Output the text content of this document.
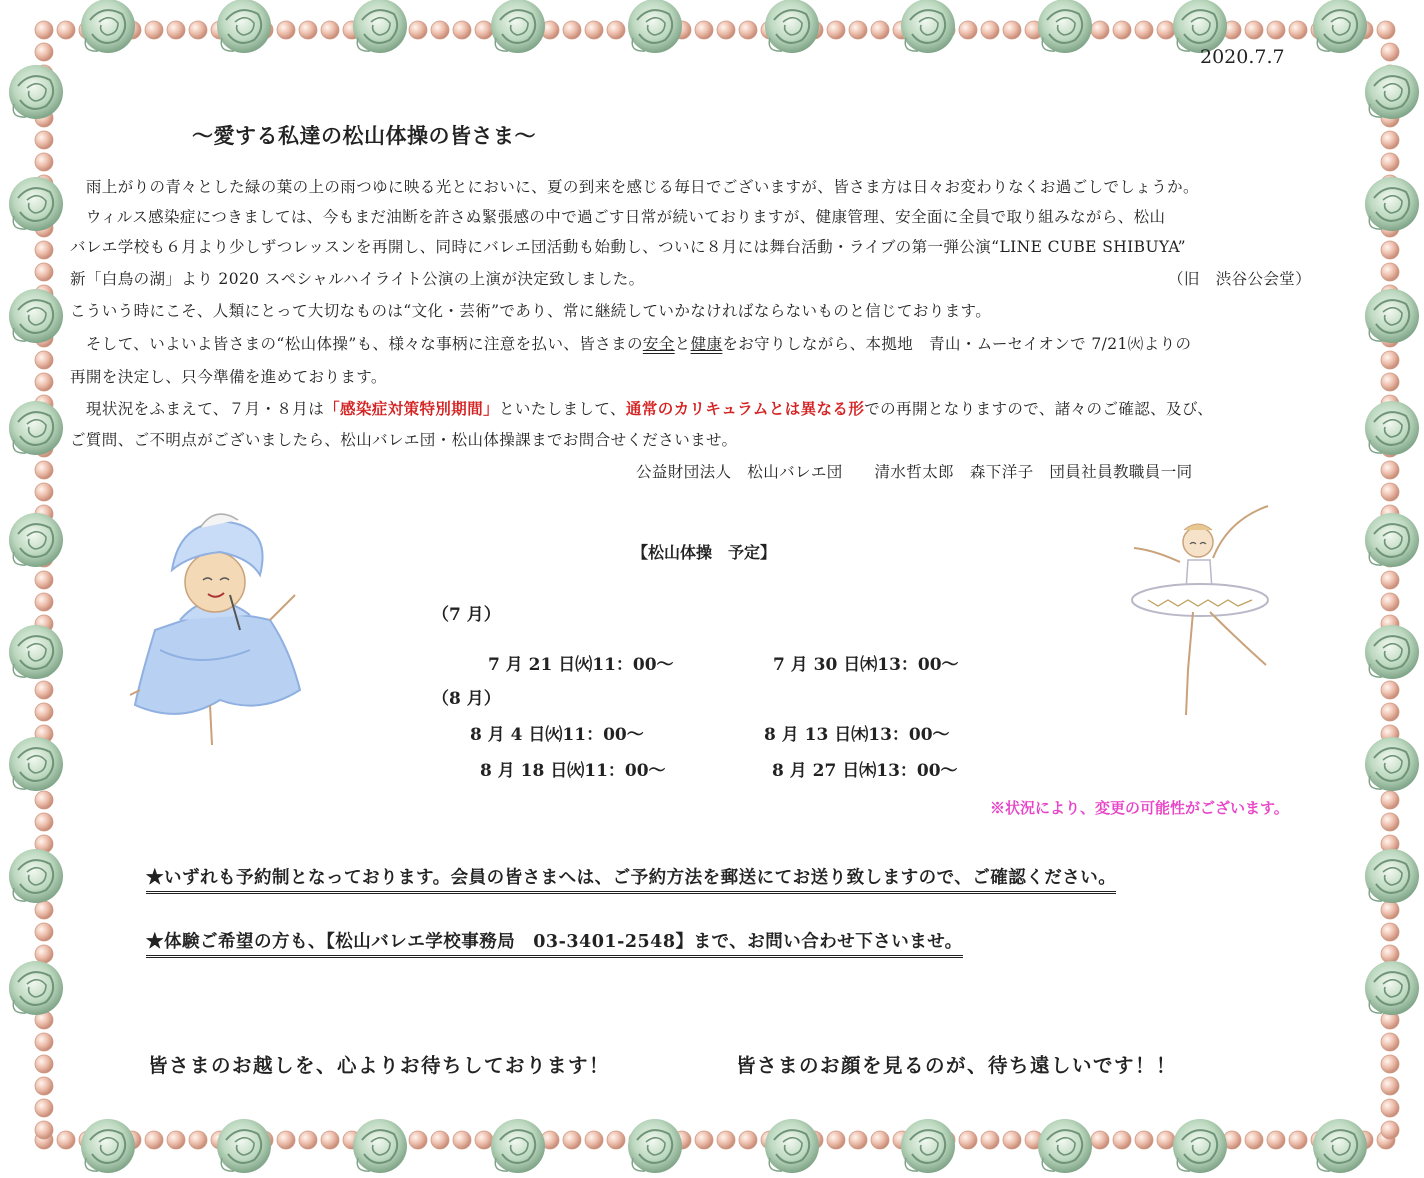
2020.7.7
〜愛する私達の松山体操の皆さま〜
　雨上がりの青々とした緑の葉の上の雨つゆに映る光とにおいに、夏の到来を感じる毎日でございますが、皆さま方は日々お変わりなくお過ごしでしょうか。
　ウィルス感染症につきましては、今もまだ油断を許さぬ緊張感の中で過ごす日常が続いておりますが、健康管理、安全面に全員で取り組みながら、松山
バレエ学校も６月より少しずつレッスンを再開し、同時にバレエ団活動も始動し、ついに８月には舞台活動・ライブの第一弾公演“LINE CUBE SHIBUYA”
新「白鳥の湖」より 2020 スペシャルハイライト公演の上演が決定致しました。	（旧　渋谷公会堂）
こういう時にこそ、人類にとって大切なものは“文化・芸術”であり、常に継続していかなければならないものと信じております。
　そして、いよいよ皆さまの“松山体操”も、様々な事柄に注意を払い、皆さまの安全と健康をお守りしながら、本拠地　青山・ムーセイオンで 7/21㈫よりの
再開を決定し、只今準備を進めております。
　現状況をふまえて、７月・８月は「感染症対策特別期間」といたしまして、通常のカリキュラムとは異なる形での再開となりますので、諸々のご確認、及び、
ご質問、ご不明点がございましたら、松山バレエ団・松山体操課までお問合せくださいませ。
公益財団法人　松山バレエ団　　清水哲太郎　森下洋子　団員社員教職員一同
【松山体操　予定】
（7 月）
7 月 21 日㈫11：00〜	7 月 30 日㈭13：00〜
（8 月）
8 月 4 日㈫11：00〜	8 月 13 日㈭13：00〜
8 月 18 日㈫11：00〜	8 月 27 日㈭13：00〜
※状況により、変更の可能性がございます。
★いずれも予約制となっております。会員の皆さまへは、ご予約方法を郵送にてお送り致しますので、ご確認ください。
★体験ご希望の方も、【松山バレエ学校事務局　03-3401-2548】まで、お問い合わせ下さいませ。
皆さまのお越しを、心よりお待ちしております！	皆さまのお顔を見るのが、待ち遠しいです！！
